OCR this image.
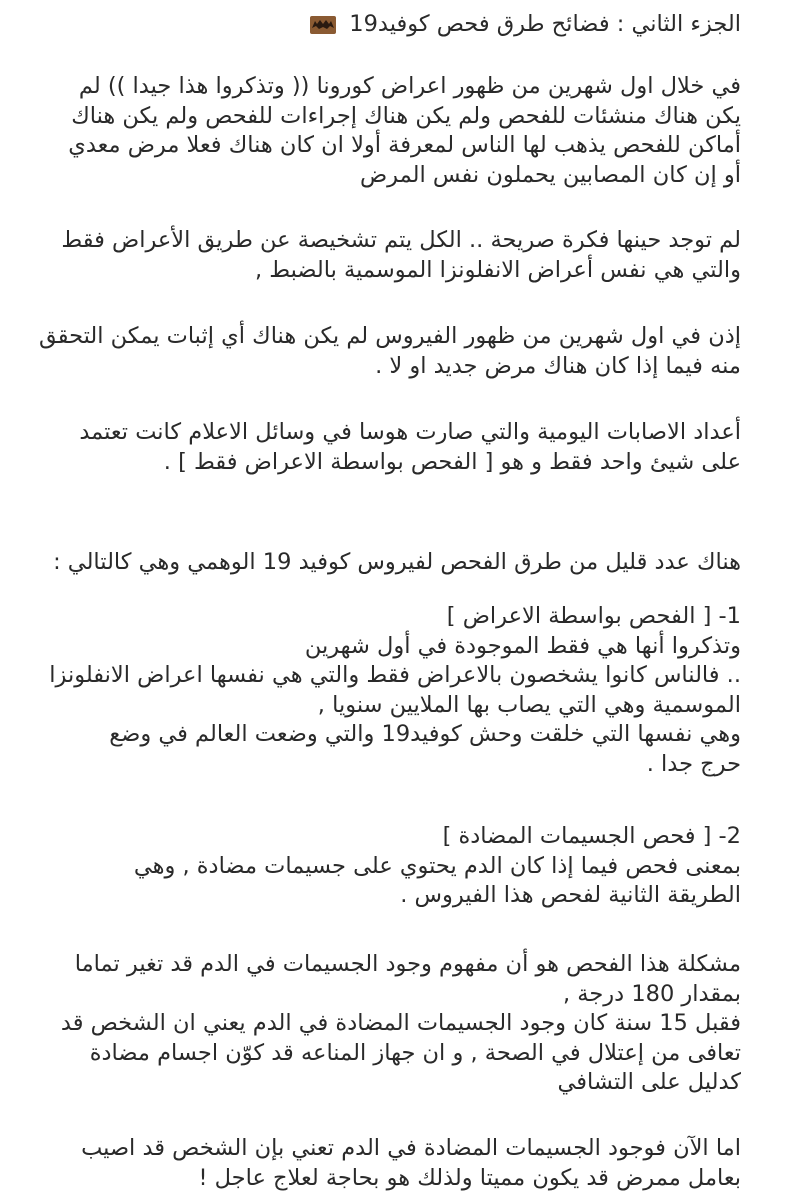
الجزء الثاني : فضائح طرق فحص كوفيد19
في خلال اول شهرين من ظهور اعراض كورونا (( وتذكروا هذا جيدا )) لم
يكن هناك منشئات للفحص ولم يكن هناك إجراءات للفحص ولم يكن هناك
أماكن للفحص يذهب لها الناس لمعرفة أولا ان كان هناك فعلا مرض معدي
أو إن كان المصابين يحملون نفس المرض
لم توجد حينها فكرة صريحة .. الكل يتم تشخيصة عن طريق الأعراض فقط
والتي هي نفس أعراض الانفلونزا الموسمية بالضبط ,
إذن في اول شهرين من ظهور الفيروس لم يكن هناك أي إثبات يمكن التحقق
منه فيما إذا كان هناك مرض جديد او لا .
أعداد الاصابات اليومية والتي صارت هوسا في وسائل الاعلام كانت تعتمد
على شيئ واحد فقط و هو [ الفحص بواسطة الاعراض فقط ] .
هناك عدد قليل من طرق الفحص لفيروس كوفيد 19 الوهمي وهي كالتالي :
1- [ الفحص بواسطة الاعراض ]
وتذكروا أنها هي فقط الموجودة في أول شهرين
.. فالناس كانوا يشخصون بالاعراض فقط والتي هي نفسها اعراض الانفلونزا
الموسمية وهي التي يصاب بها الملايين سنويا ,
وهي نفسها التي خلقت وحش كوفيد19 والتي وضعت العالم في وضع
حرج جدا .
2- [ فحص الجسيمات المضادة ]
بمعنى فحص فيما إذا كان الدم يحتوي على جسيمات مضادة , وهي
الطريقة الثانية لفحص هذا الفيروس .
مشكلة هذا الفحص هو أن مفهوم وجود الجسيمات في الدم قد تغير تماما
بمقدار 180 درجة ,
فقبل 15 سنة كان وجود الجسيمات المضادة في الدم يعني ان الشخص قد
تعافى من إعتلال في الصحة , و ان جهاز المناعه قد كوّن اجسام مضادة
كدليل على التشافي
اما الآن فوجود الجسيمات المضادة في الدم تعني بإن الشخص قد اصيب
بعامل ممرض قد يكون مميتا ولذلك هو بحاجة لعلاج عاجل !
